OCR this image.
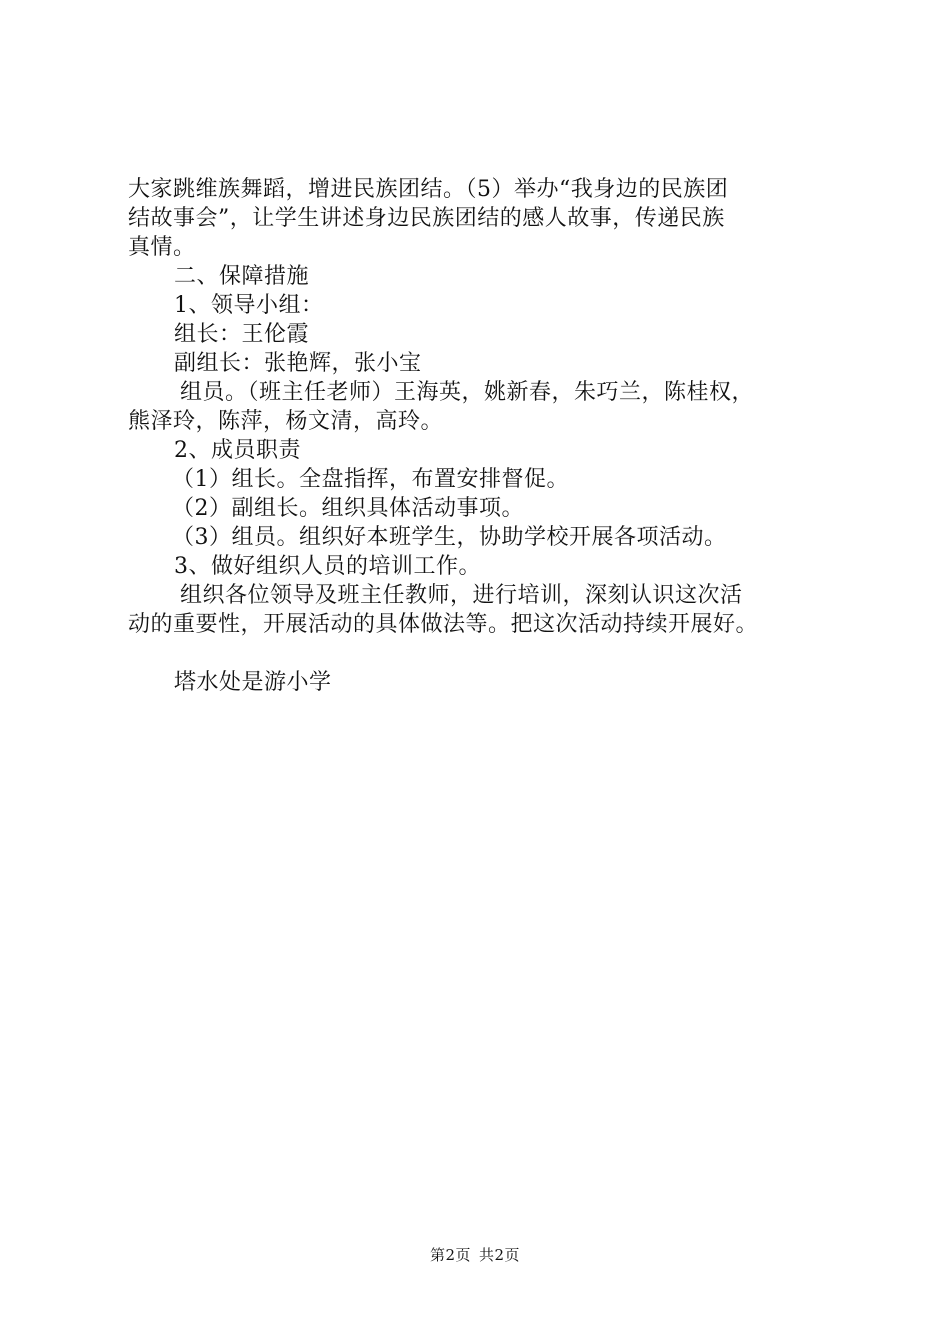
大家跳维族舞蹈，增进民族团结。（5）举办“我身边的民族团
结故事会”，让学生讲述身边民族团结的感人故事，传递民族
真情。
二、保障措施
1、领导小组：
组长：王伦霞
副组长：张艳辉，张小宝
组员。（班主任老师）王海英，姚新春，朱巧兰，陈桂权，
熊泽玲，陈萍，杨文清，高玲。
2、成员职责
（1）组长。全盘指挥，布置安排督促。
（2）副组长。组织具体活动事项。
（3）组员。组织好本班学生，协助学校开展各项活动。
3、做好组织人员的培训工作。
组织各位领导及班主任教师，进行培训，深刻认识这次活
动的重要性，开展活动的具体做法等。把这次活动持续开展好。
塔水处是游小学
第2页 共2页
